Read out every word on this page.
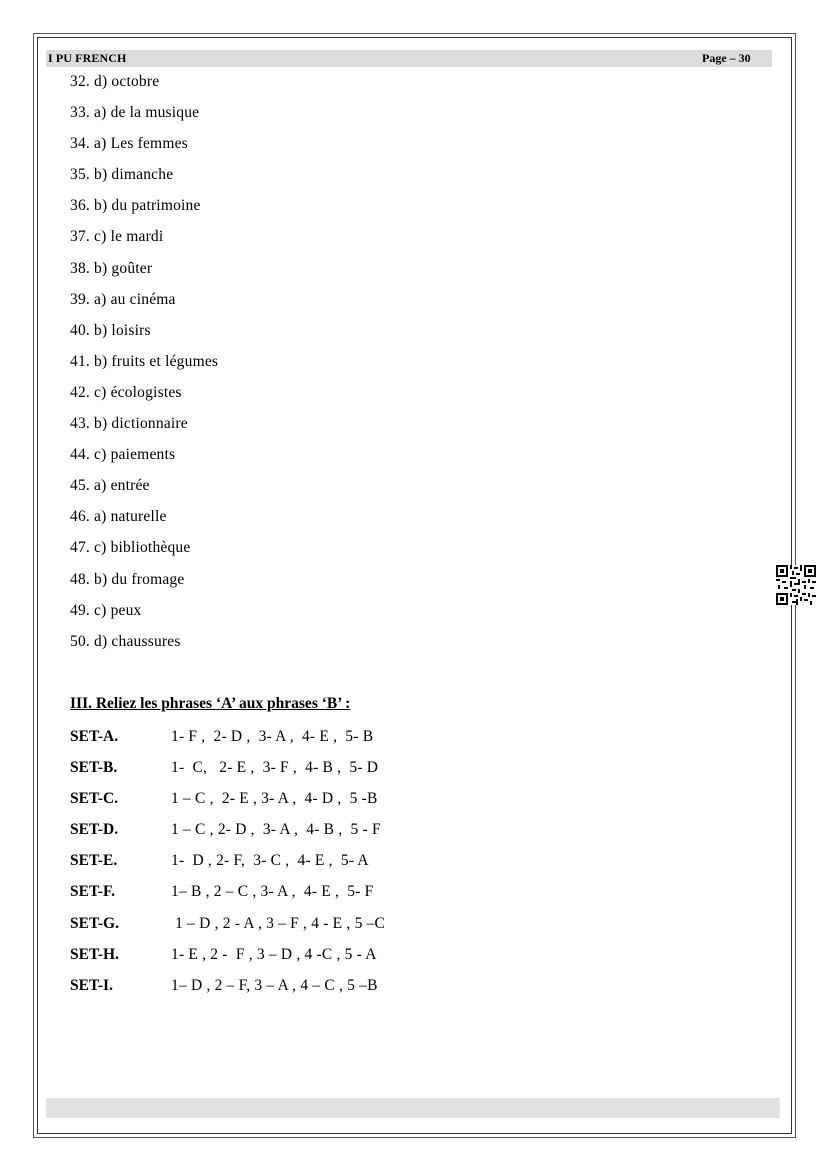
I PU FRENCH	Page – 30
32. d) octobre
33. a) de la musique
34. a) Les femmes
35. b) dimanche
36. b) du patrimoine
37. c) le mardi
38. b) goûter
39. a) au cinéma
40. b) loisirs
41. b) fruits et légumes
42. c) écologistes
43. b) dictionnaire
44. c) paiements
45. a) entrée
46. a) naturelle
47. c) bibliothèque
48. b) du fromage
49. c) peux
50. d) chaussures
III. Reliez les phrases ‘A’ aux phrases ‘B’ :
SET-A.	1- F ,  2- D ,  3- A ,  4- E ,  5- B
SET-B.	1-  C,   2- E ,  3- F ,  4- B ,  5- D
SET-C.	1 – C ,  2- E , 3- A ,  4- D ,  5 -B
SET-D.	1 – C , 2- D ,  3- A ,  4- B ,  5 - F
SET-E.	1-  D , 2- F,  3- C ,  4- E ,  5- A
SET-F.	1– B , 2 – C , 3- A ,  4- E ,  5- F
SET-G.	1 – D , 2 - A , 3 – F , 4 - E , 5 –C
SET-H.	1- E , 2 -  F , 3 – D , 4 -C , 5 - A
SET-I.	1– D , 2 – F, 3 – A , 4 – C , 5 –B
